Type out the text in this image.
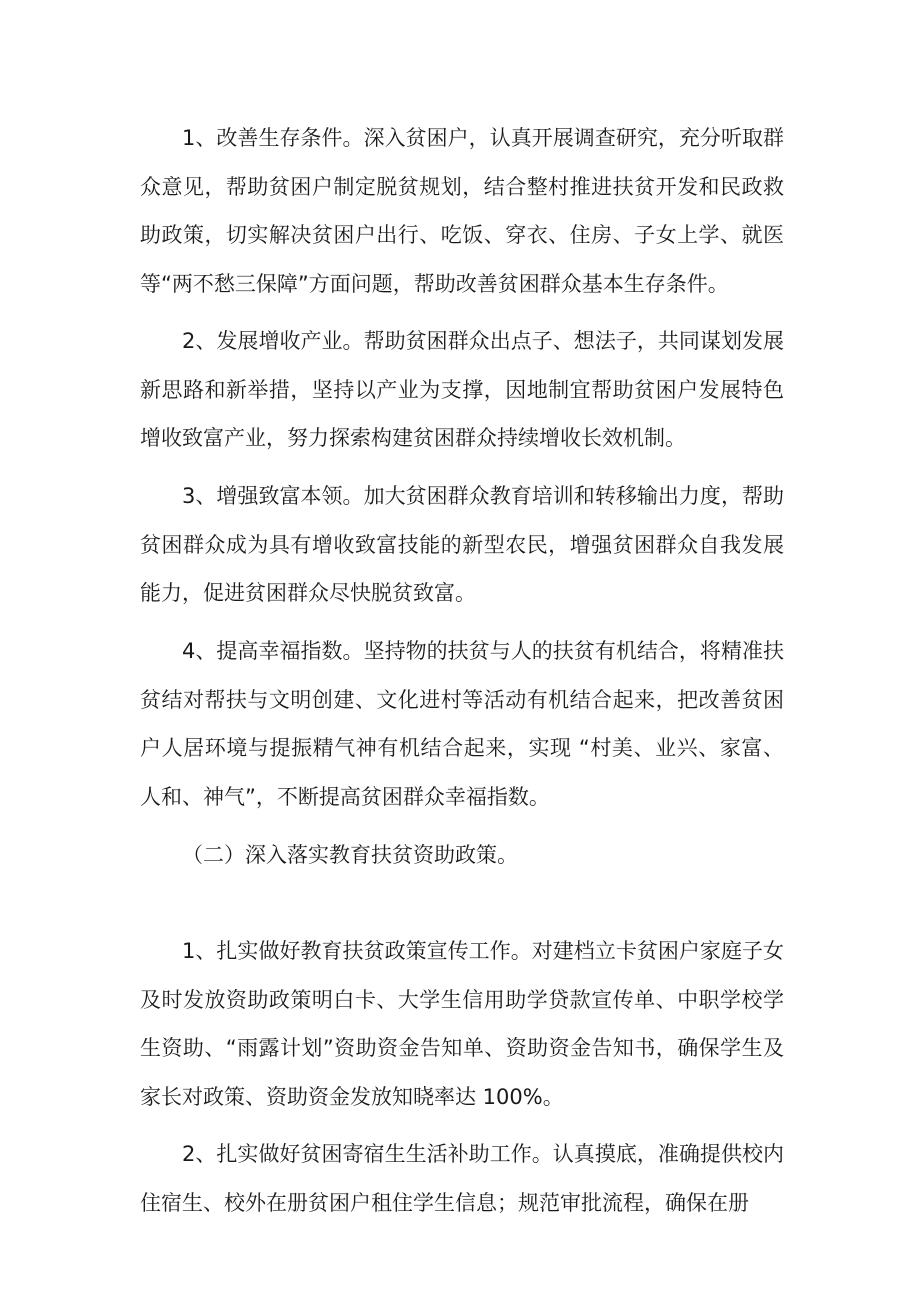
1、改善生存条件。深入贫困户，认真开展调查研究，充分听取群众意见，帮助贫困户制定脱贫规划，结合整村推进扶贫开发和民政救助政策，切实解决贫困户出行、吃饭、穿衣、住房、子女上学、就医等“两不愁三保障”方面问题，帮助改善贫困群众基本生存条件。

2、发展增收产业。帮助贫困群众出点子、想法子，共同谋划发展新思路和新举措，坚持以产业为支撑，因地制宜帮助贫困户发展特色增收致富产业，努力探索构建贫困群众持续增收长效机制。

3、增强致富本领。加大贫困群众教育培训和转移输出力度，帮助贫困群众成为具有增收致富技能的新型农民，增强贫困群众自我发展能力，促进贫困群众尽快脱贫致富。

4、提高幸福指数。坚持物的扶贫与人的扶贫有机结合，将精准扶贫结对帮扶与文明创建、文化进村等活动有机结合起来，把改善贫困户人居环境与提振精气神有机结合起来，实现 “村美、业兴、家富、人和、神气”，不断提高贫困群众幸福指数。

（二）深入落实教育扶贫资助政策。

1、扎实做好教育扶贫政策宣传工作。对建档立卡贫困户家庭子女及时发放资助政策明白卡、大学生信用助学贷款宣传单、中职学校学生资助、“雨露计划”资助资金告知单、资助资金告知书，确保学生及家长对政策、资助资金发放知晓率达 100%。

2、扎实做好贫困寄宿生生活补助工作。认真摸底，准确提供校内住宿生、校外在册贫困户租住学生信息；规范审批流程，确保在册
